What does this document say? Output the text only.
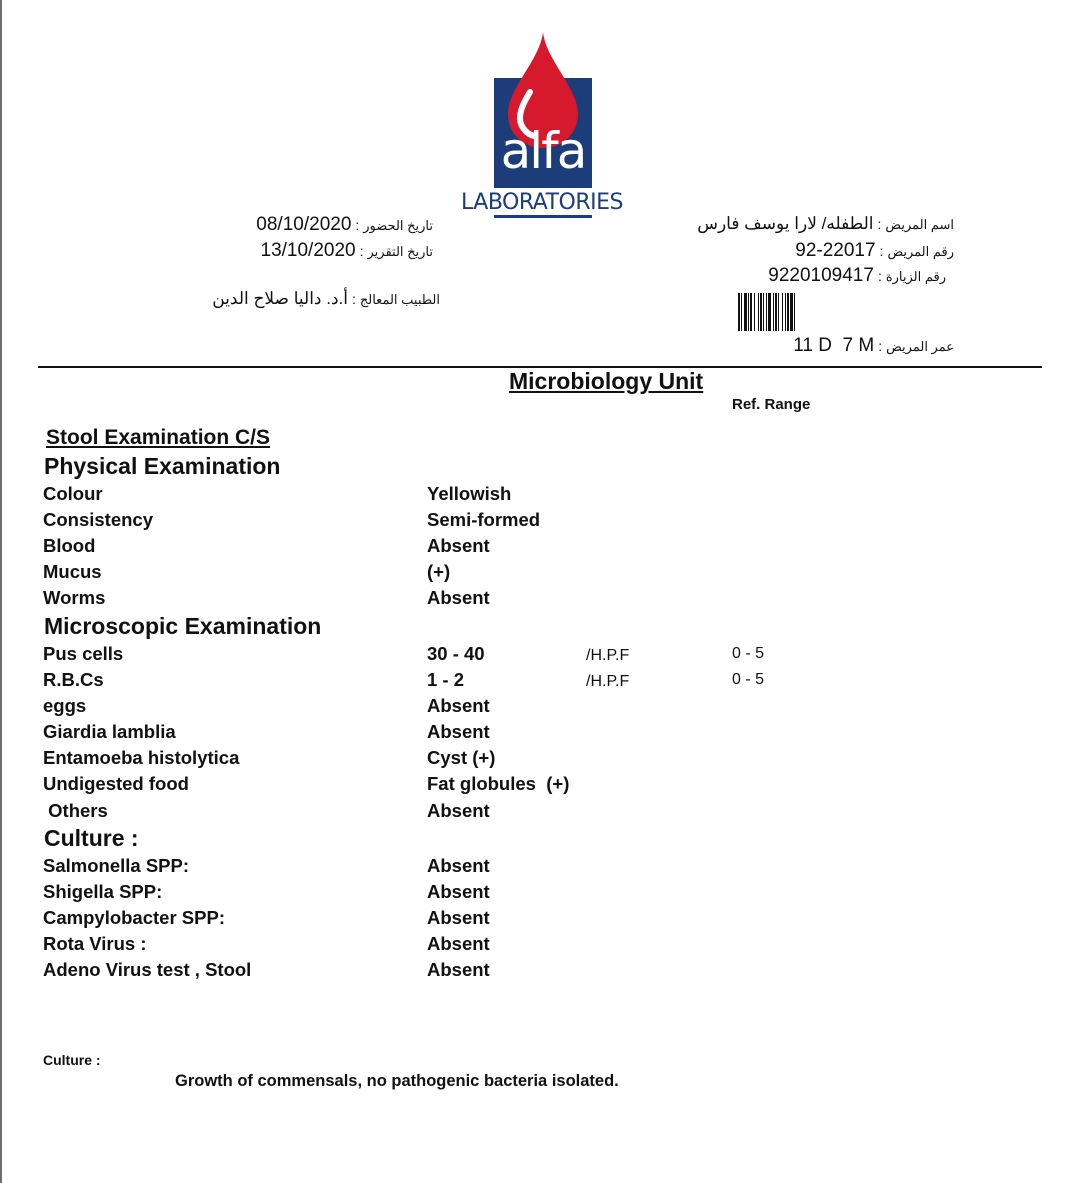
alfa
LABORATORIES
تاريخ الحضور:08/10/2020
تاريخ التقرير:13/10/2020
الطبيب المعالج:أ.د. داليا صلاح الدين
اسم المريض:الطفله/ لارا يوسف فارس
رقم المريض:92-22017
رقم الزيارة:9220109417
عمر المريض:11 D  7 M
Microbiology Unit
Ref. Range
Stool Examination C/S
Physical Examination
Colour	Yellowish
Consistency	Semi-formed
Blood	Absent
Mucus	(+)
Worms	Absent
Microscopic Examination
Pus cells	30 - 40	/H.P.F	0 - 5
R.B.Cs	1 - 2	/H.P.F	0 - 5
eggs	Absent
Giardia lamblia	Absent
Entamoeba histolytica	Cyst (+)
Undigested food	Fat globules  (+)
Others	Absent
Culture :
Salmonella SPP:	Absent
Shigella SPP:	Absent
Campylobacter SPP:	Absent
Rota Virus :	Absent
Adeno Virus test , Stool	Absent
Culture :
Growth of commensals, no pathogenic bacteria isolated.
